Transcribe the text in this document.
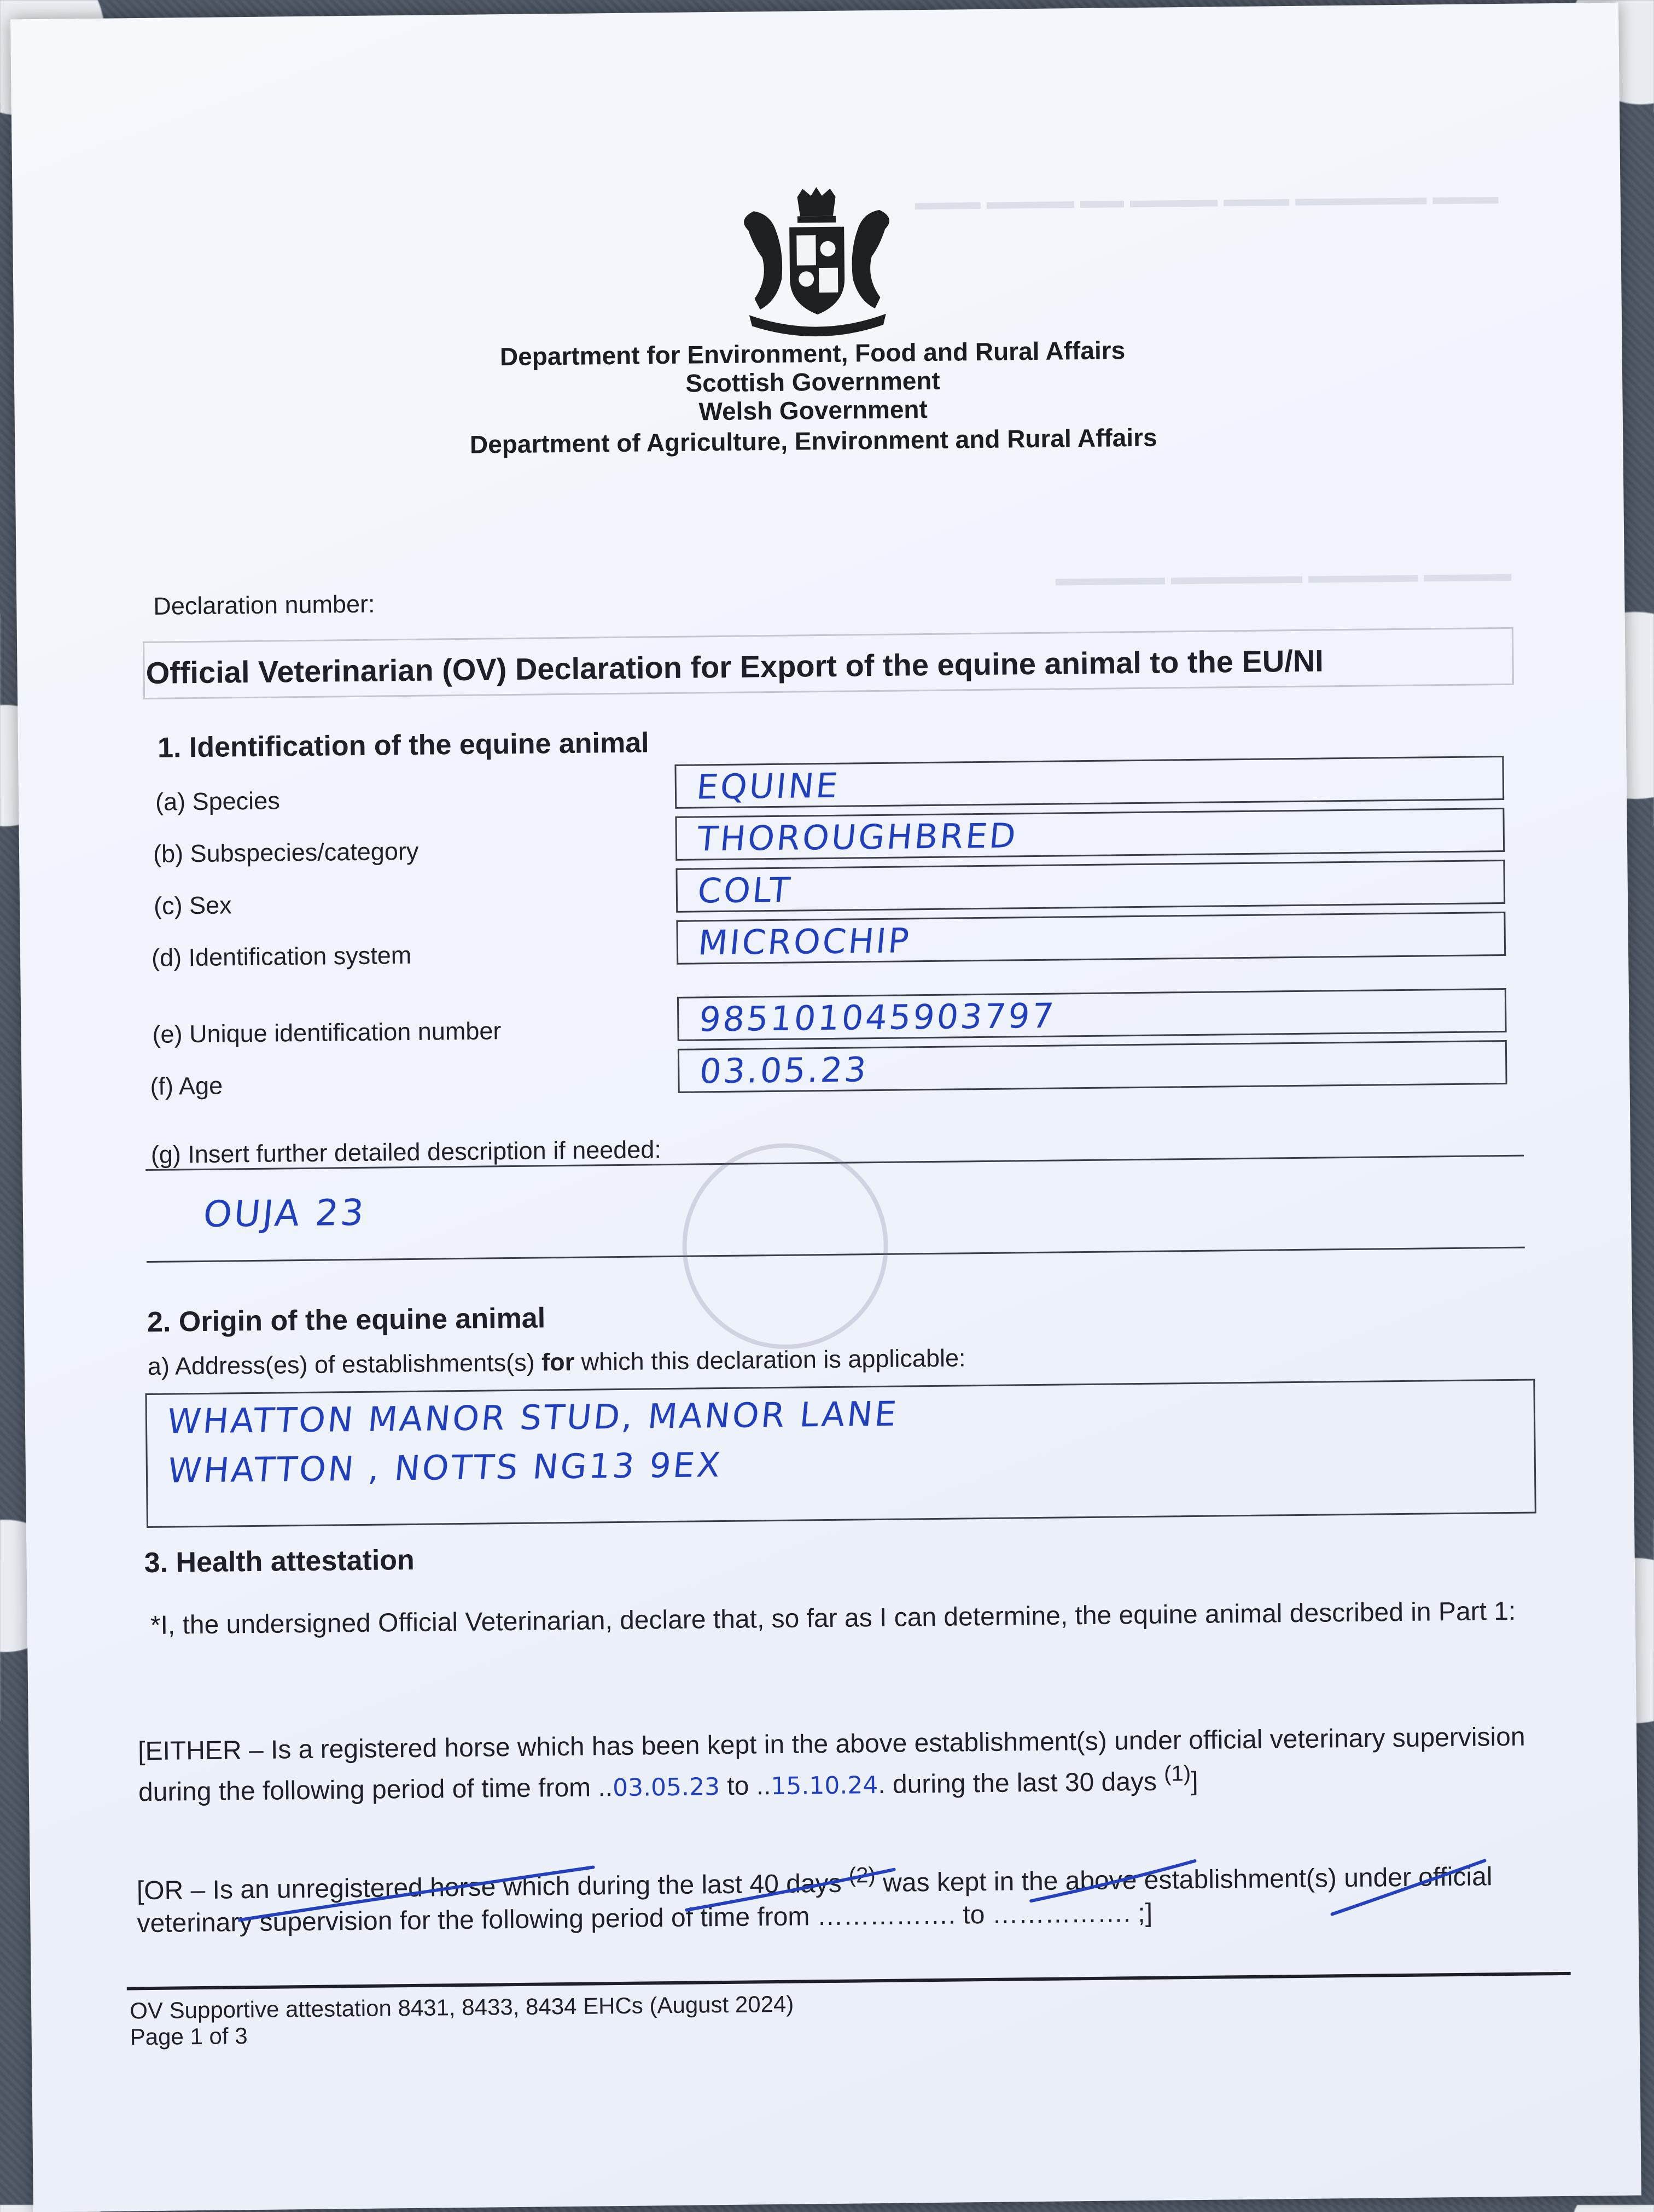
▬▬▬ ▬▬▬▬ ▬▬ ▬▬▬▬ ▬▬▬ ▬▬▬▬▬▬ ▬▬▬
▬▬▬▬▬ ▬▬▬▬▬▬ ▬▬▬▬▬ ▬▬▬▬
Department for Environment, Food and Rural Affairs
Scottish Government
Welsh Government
Department of Agriculture, Environment and Rural Affairs
Declaration number:
Official Veterinarian (OV) Declaration for Export of the equine animal to the EU/NI
1. Identification of the equine animal
(a) Species	EQUINE
(b) Subspecies/category	THOROUGHBRED
(c) Sex	COLT
(d) Identification system	MICROCHIP
(e) Unique identification number	985101045903797
(f) Age	03.05.23
(g) Insert further detailed description if needed:
OUJA 23
2. Origin of the equine animal
a) Address(es) of establishments(s) for which this declaration is applicable:
WHATTON MANOR STUD, MANOR LANE
WHATTON , NOTTS NG13 9EX
3. Health attestation
*I, the undersigned Official Veterinarian, declare that, so far as I can determine, the equine animal described in Part 1:
[EITHER – Is a registered horse which has been kept in the above establishment(s) under official veterinary supervision during the following period of time from ..03.05.23 to ..15.10.24. during the last 30 days $^{(1)}$]
[OR – Is an unregistered horse which during the last 40 days $^{(2)}$ was kept in the above establishment(s) under official veterinary supervision for the following period of time from ……………. to ……………. ;]
OV Supportive attestation 8431, 8433, 8434 EHCs (August 2024)
Page 1 of 3
